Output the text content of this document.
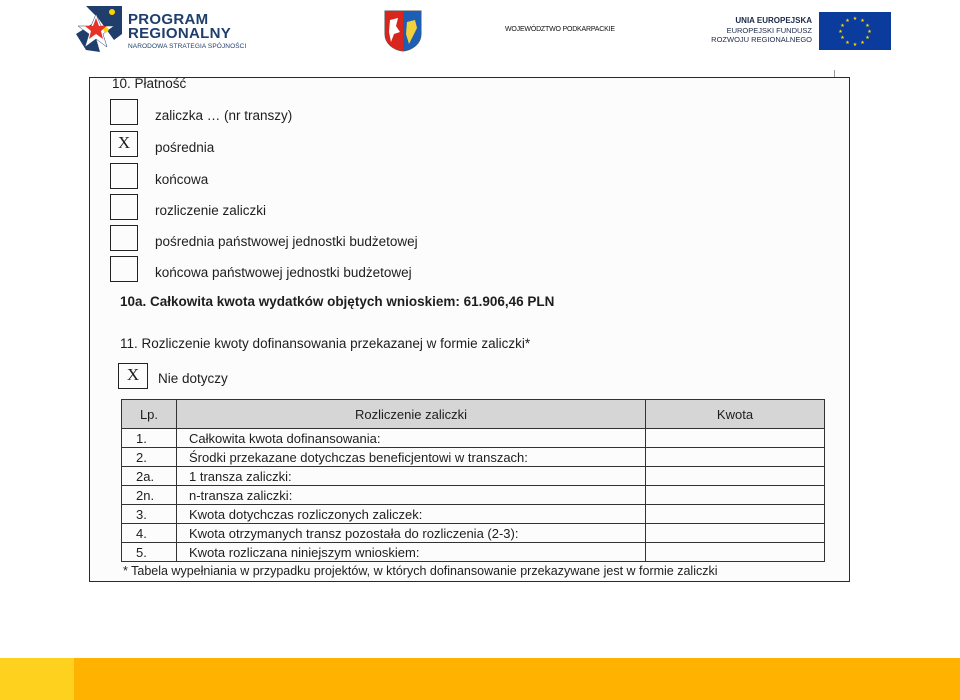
PROGRAM
REGIONALNY
NARODOWA STRATEGIA SPÓJNOŚCI
WOJEWÓDZTWO PODKARPACKIE
UNIA EUROPEJSKA
EUROPEJSKI FUNDUSZ
ROZWOJU REGIONALNEGO
★ ★
★
★
★
★
★
★
★
★
★
★
10. Płatność
zaliczka … (nr transzy)
X	pośrednia
końcowa
rozliczenie zaliczki
pośrednia państwowej jednostki budżetowej
końcowa państwowej jednostki budżetowej
10a. Całkowita kwota wydatków objętych wnioskiem: 61.906,46 PLN
11. Rozliczenie kwoty dofinansowania przekazanej w formie zaliczki*
X	Nie dotyczy
Lp.	Rozliczenie zaliczki	Kwota
1.	Całkowita kwota dofinansowania:	
2.	Środki przekazane dotychczas beneficjentowi w transzach:	
2a.	1 transza zaliczki:	
2n.	n-transza zaliczki:	
3.	Kwota dotychczas rozliczonych zaliczek:	
4.	Kwota otrzymanych transz pozostała do rozliczenia (2-3):	
5.	Kwota rozliczana niniejszym wnioskiem:	
* Tabela wypełniania w przypadku projektów, w których dofinansowanie przekazywane jest w formie zaliczki
